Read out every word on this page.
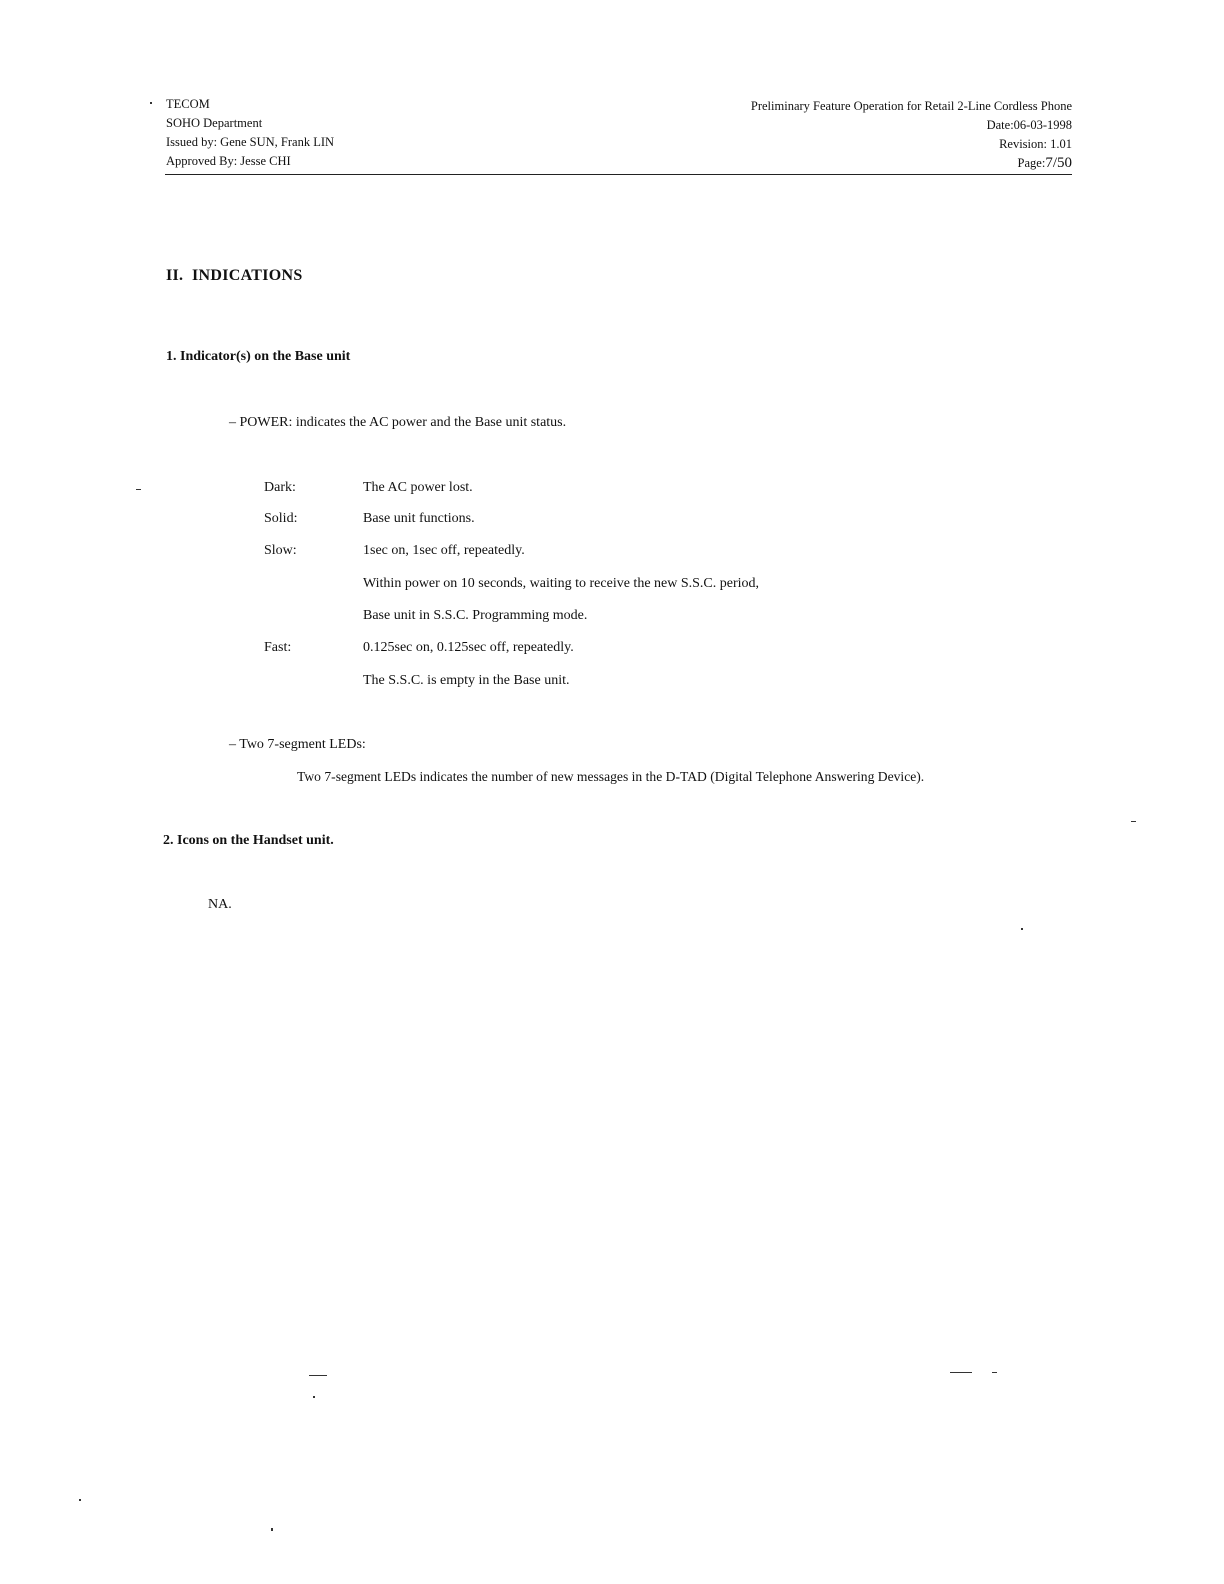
TECOM
SOHO Department
Issued by: Gene SUN, Frank LIN
Approved By: Jesse CHI
Preliminary Feature Operation for Retail 2-Line Cordless Phone
Date:06-03-1998
Revision: 1.01
Page:7/50
II.  INDICATIONS
1. Indicator(s) on the Base unit
– POWER: indicates the AC power and the Base unit status.
Dark:	The AC power lost.
Solid:	Base unit functions.
Slow:	1sec on, 1sec off, repeatedly.
Within power on 10 seconds, waiting to receive the new S.S.C. period,
Base unit in S.S.C. Programming mode.
Fast:	0.125sec on, 0.125sec off, repeatedly.
The S.S.C. is empty in the Base unit.
– Two 7-segment LEDs:
Two 7-segment LEDs indicates the number of new messages in the D-TAD (Digital Telephone Answering Device).
2. Icons on the Handset unit.
NA.
